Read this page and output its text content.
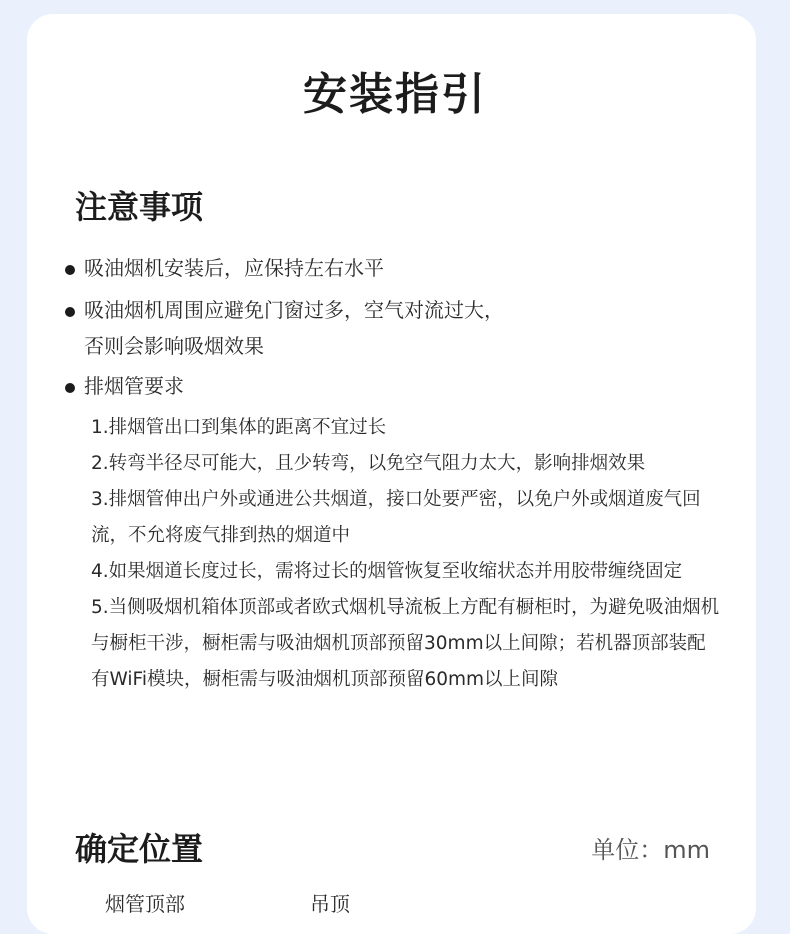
安装指引
注意事项
吸油烟机安装后，应保持左右水平
吸油烟机周围应避免门窗过多，空气对流过大，
否则会影响吸烟效果
排烟管要求

1.排烟管出口到集体的距离不宜过长

2.转弯半径尽可能大，且少转弯，以免空气阻力太大，影响排烟效果

3.排烟管伸出户外或通进公共烟道，接口处要严密，以免户外或烟道废气回流，不允将废气排到热的烟道中

4.如果烟道长度过长，需将过长的烟管恢复至收缩状态并用胶带缠绕固定

5.当侧吸烟机箱体顶部或者欧式烟机导流板上方配有橱柜时，为避免吸油烟机与橱柜干涉，橱柜需与吸油烟机顶部预留30mm以上间隙；若机器顶部装配有WiFi模块，橱柜需与吸油烟机顶部预留60mm以上间隙

确定位置	单位：mm
烟管顶部	吊顶
